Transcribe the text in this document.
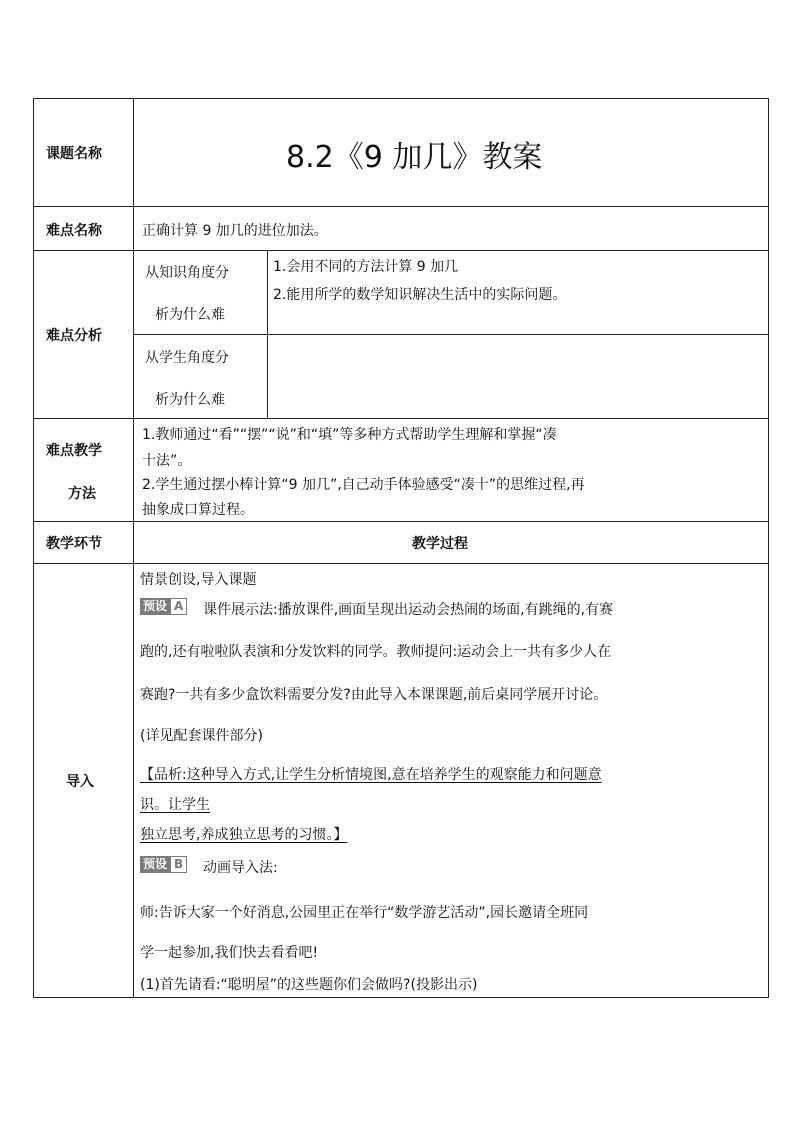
课题名称
难点名称
难点分析
难点教学
方法
教学环节
导入
8.2《9 加几》教案
正确计算 9 加几的进位加法。
从知识角度分
析为什么难
1.会用不同的方法计算 9 加几
2.能用所学的数学知识解决生活中的实际问题。
从学生角度分
析为什么难
1.教师通过“看”“摆”“说”和“填”等多种方式帮助学生理解和掌握“凑
十法”。
2.学生通过摆小棒计算“9 加几”,自己动手体验感受“凑十”的思维过程,再
抽象成口算过程。
教学过程
情景创设,导入课题
预设 A 课件展示法:播放课件,画面呈现出运动会热闹的场面,有跳绳的,有赛
跑的,还有啦啦队表演和分发饮料的同学。教师提问:运动会上一共有多少人在
赛跑?一共有多少盒饮料需要分发?由此导入本课课题,前后桌同学展开讨论。
(详见配套课件部分)
【品析:这种导入方式,让学生分析情境图,意在培养学生的观察能力和问题意
识。让学生
独立思考,养成独立思考的习惯。】
预设 B 动画导入法:
师:告诉大家一个好消息,公园里正在举行“数学游艺活动”,园长邀请全班同
学一起参加,我们快去看看吧!
(1)首先请看:“聪明屋”的这些题你们会做吗?(投影出示)
